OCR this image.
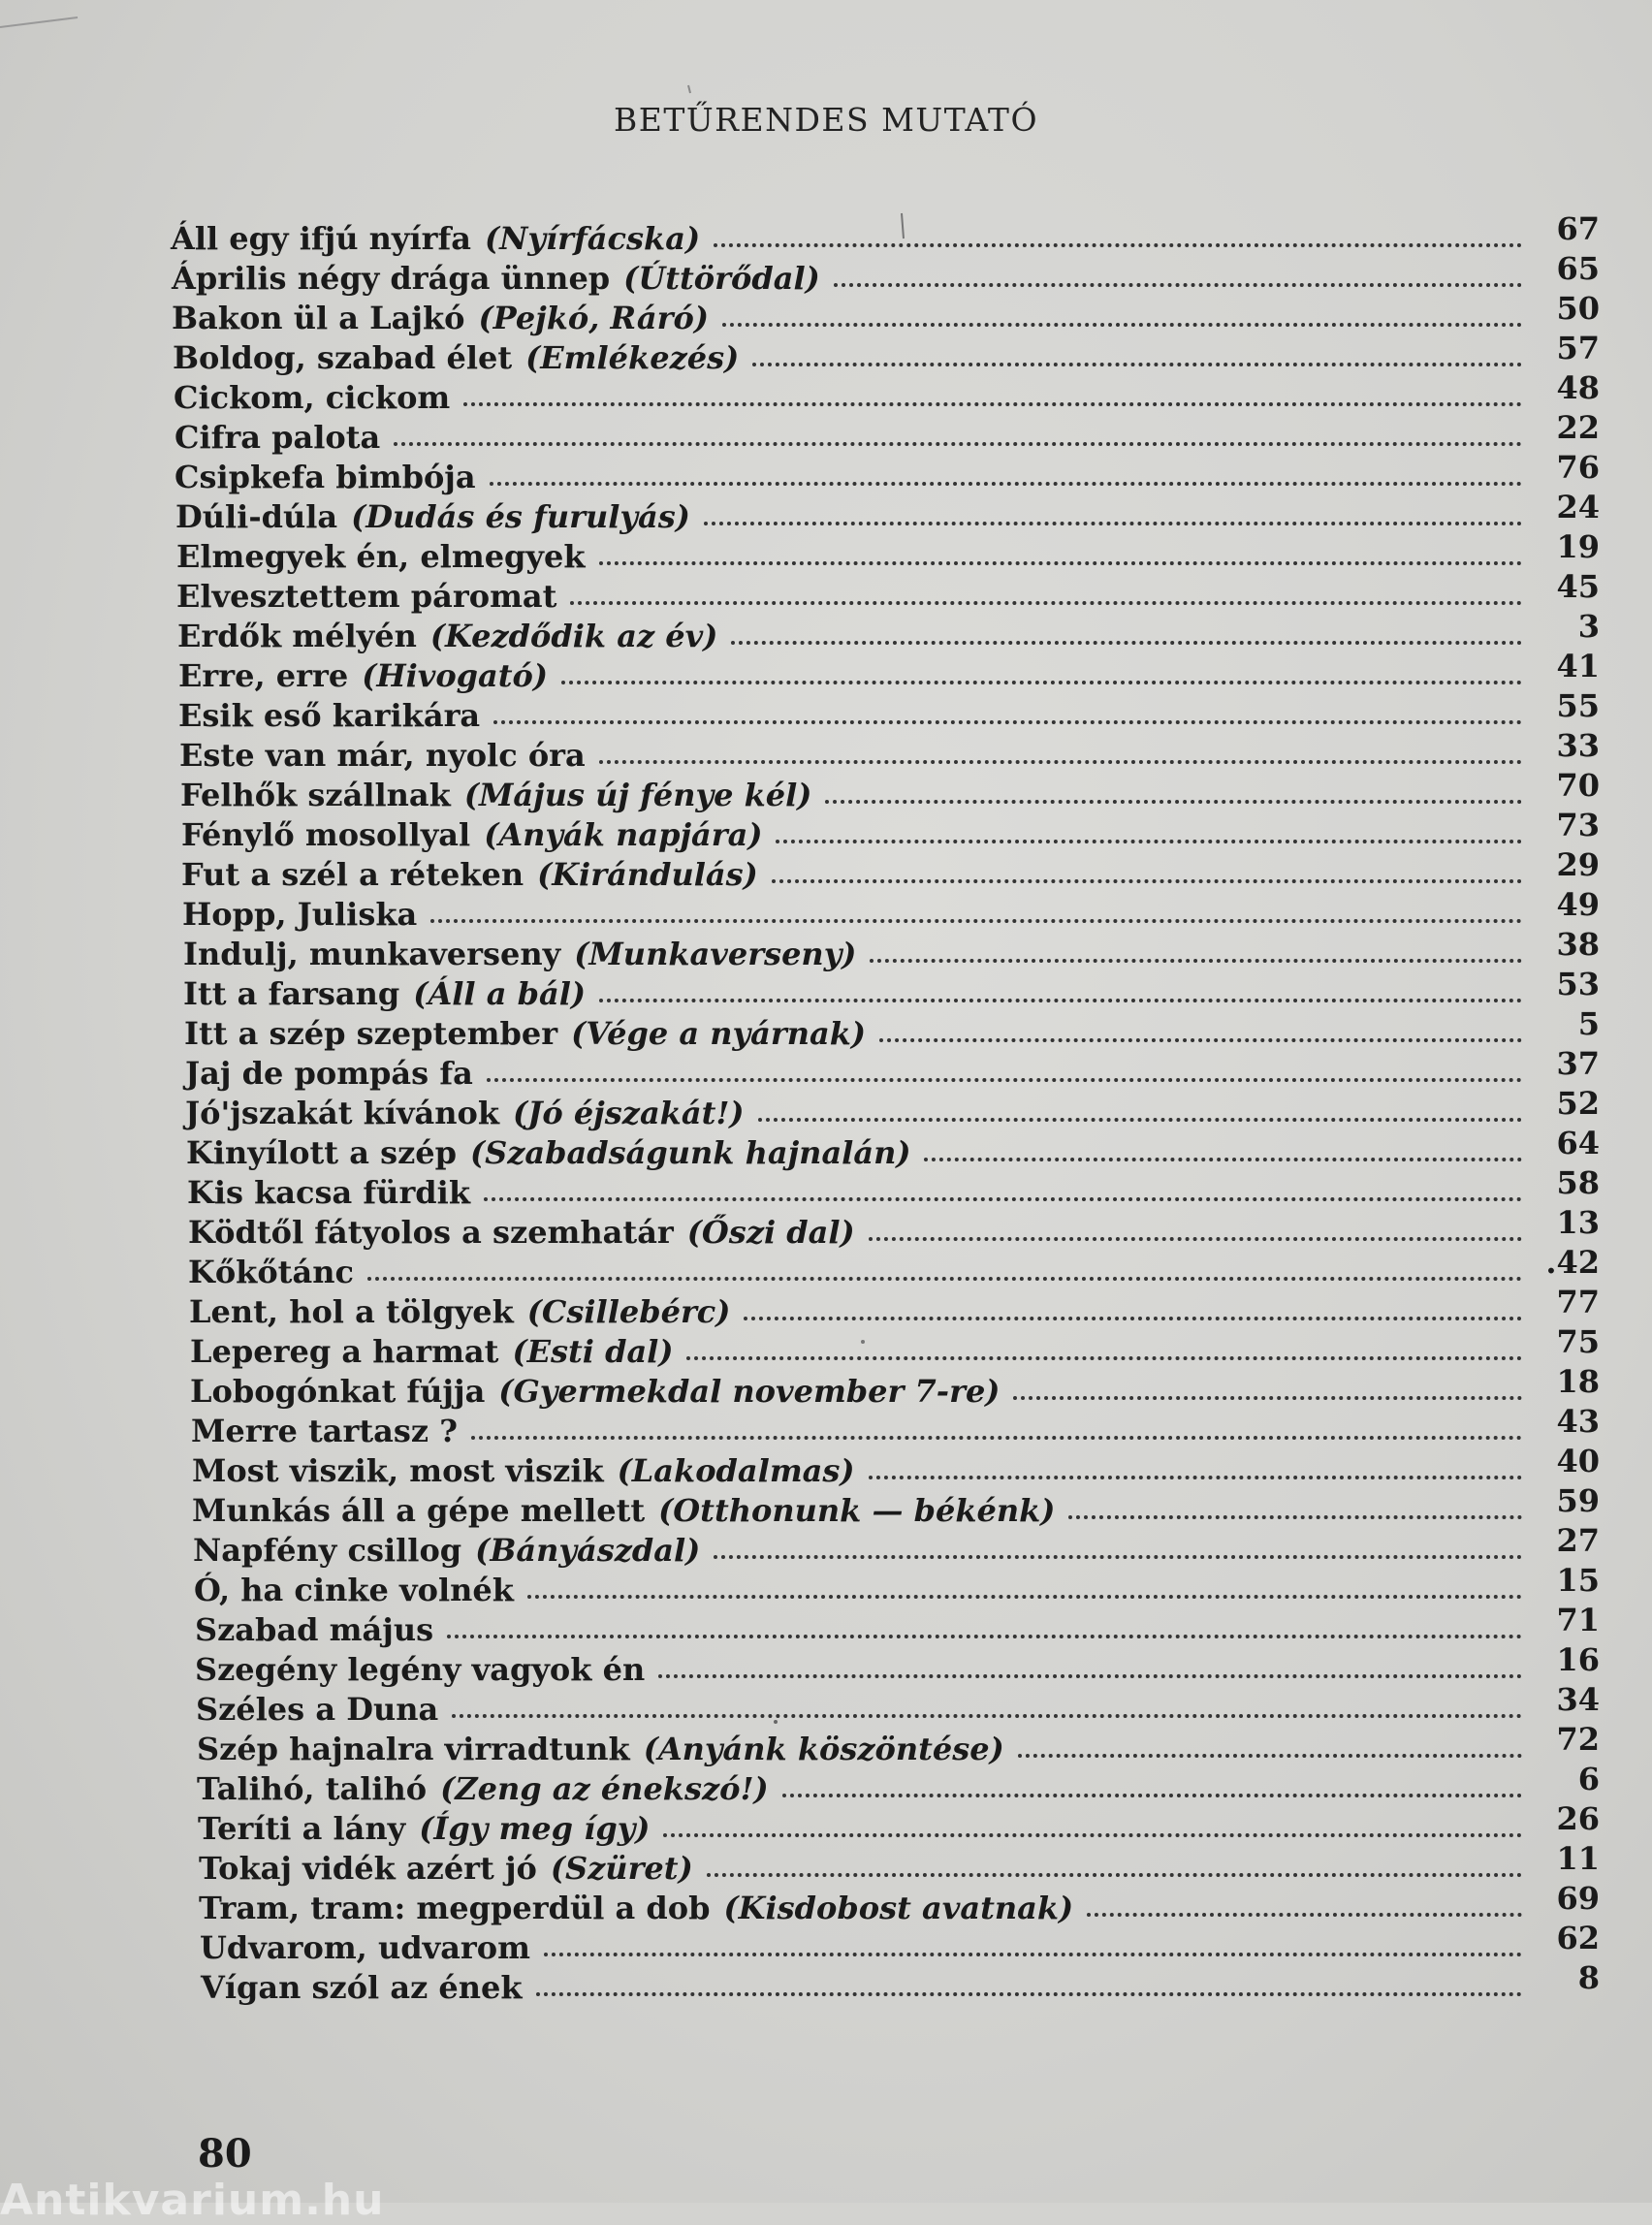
BETŰRENDES MUTATÓ
Áll egy ifjú nyírfa (Nyírfácska)	67
Április négy drága ünnep (Úttörődal)	65
Bakon ül a Lajkó (Pejkó, Ráró)	50
Boldog, szabad élet (Emlékezés)	57
Cickom, cickom	48
Cifra palota	22
Csipkefa bimbója	76
Dúli-dúla (Dudás és furulyás)	24
Elmegyek én, elmegyek	19
Elvesztettem páromat	45
Erdők mélyén (Kezdődik az év)	3
Erre, erre (Hivogató)	41
Esik eső karikára	55
Este van már, nyolc óra	33
Felhők szállnak (Május új fénye kél)	70
Fénylő mosollyal (Anyák napjára)	73
Fut a szél a réteken (Kirándulás)	29
Hopp, Juliska	49
Indulj, munkaverseny (Munkaverseny)	38
Itt a farsang (Áll a bál)	53
Itt a szép szeptember (Vége a nyárnak)	5
Jaj de pompás fa	37
Jó'jszakát kívánok (Jó éjszakát!)	52
Kinyílott a szép (Szabadságunk hajnalán)	64
Kis kacsa fürdik	58
Ködtől fátyolos a szemhatár (Őszi dal)	13
Kőkőtánc	.42
Lent, hol a tölgyek (Csillebérc)	77
Lepereg a harmat (Esti dal)	75
Lobogónkat fújja (Gyermekdal november 7-re)	18
Merre tartasz ?	43
Most viszik, most viszik (Lakodalmas)	40
Munkás áll a gépe mellett (Otthonunk — békénk)	59
Napfény csillog (Bányászdal)	27
Ó, ha cinke volnék	15
Szabad május	71
Szegény legény vagyok én	16
Széles a Duna	34
Szép hajnalra virradtunk (Anyánk köszöntése)	72
Talihó, talihó (Zeng az énekszó!)	6
Teríti a lány (Így meg így)	26
Tokaj vidék azért jó (Szüret)	11
Tram, tram: megperdül a dob (Kisdobost avatnak)	69
Udvarom, udvarom	62
Vígan szól az ének	8
80
Antikvarium.hu
